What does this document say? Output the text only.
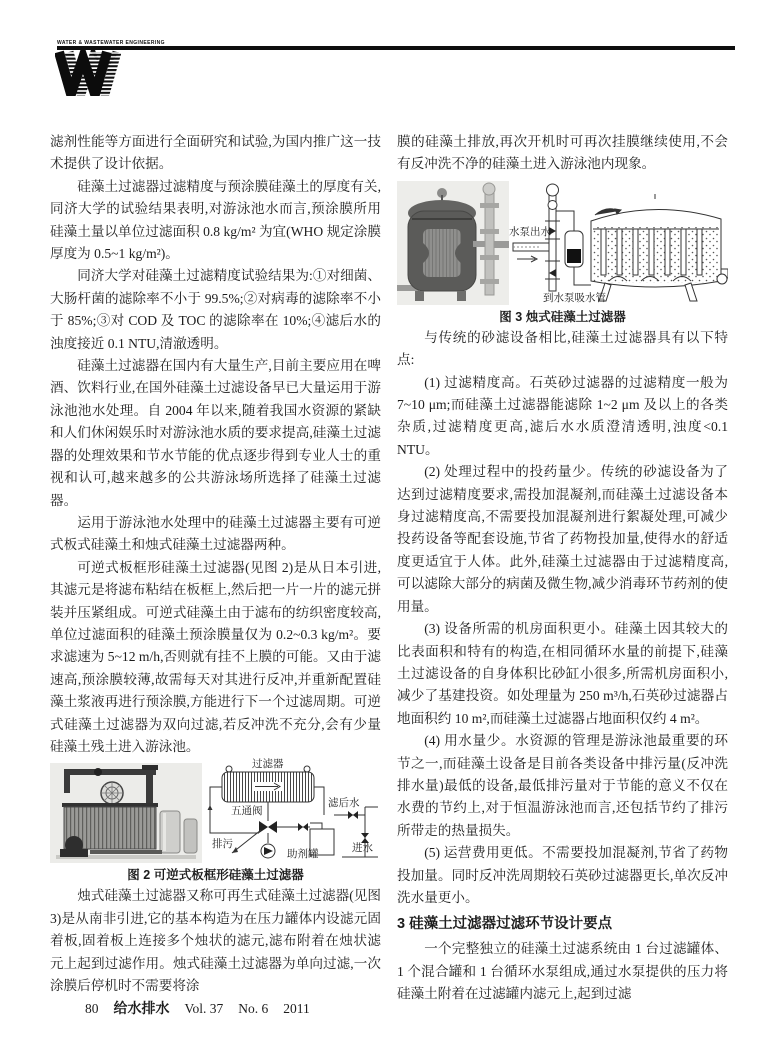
WATER & WASTEWATER ENGINEERING

滤剂性能等方面进行全面研究和试验,为国内推广这一技术提供了设计依据。

硅藻土过滤器过滤精度与预涂膜硅藻土的厚度有关,同济大学的试验结果表明,对游泳池水而言,预涂膜所用硅藻土量以单位过滤面积 0.8 kg/m² 为宜(WHO 规定涂膜厚度为 0.5~1 kg/m²)。

同济大学对硅藻土过滤精度试验结果为:①对细菌、大肠杆菌的滤除率不小于 99.5%;②对病毒的滤除率不小于 85%;③对 COD 及 TOC 的滤除率在 10%;④滤后水的浊度接近 0.1 NTU,清澈透明。

硅藻土过滤器在国内有大量生产,目前主要应用在啤酒、饮料行业,在国外硅藻土过滤设备早已大量运用于游泳池池水处理。自 2004 年以来,随着我国水资源的紧缺和人们休闲娱乐时对游泳池水质的要求提高,硅藻土过滤器的处理效果和节水节能的优点逐步得到专业人士的重视和认可,越来越多的公共游泳场所选择了硅藻土过滤器。

运用于游泳池水处理中的硅藻土过滤器主要有可逆式板式硅藻土和烛式硅藻土过滤器两种。

可逆式板框形硅藻土过滤器(见图 2)是从日本引进,其滤元是将滤布粘结在板框上,然后把一片一片的滤元拼装并压紧组成。可逆式硅藻土由于滤布的纺织密度较高,单位过滤面积的硅藻土预涂膜量仅为 0.2~0.3 kg/m²。要求滤速为 5~12 m/h,否则就有挂不上膜的可能。又由于滤速高,预涂膜较薄,故需每天对其进行反冲,并重新配置硅藻土浆液再进行预涂膜,方能进行下一个过滤周期。可逆式硅藻土过滤器为双向过滤,若反冲洗不充分,会有少量硅藻土残土进入游泳池。

过滤器
五通阀
滤后水
排污
助剂罐	进水
图 2 可逆式板框形硅藻土过滤器

烛式硅藻土过滤器又称可再生式硅藻土过滤器(见图 3)是从南非引进,它的基本构造为在压力罐体内设滤元固着板,固着板上连接多个烛状的滤元,滤布附着在烛状滤元上起到过滤作用。烛式硅藻土过滤器为单向过滤,一次涂膜后停机时不需要将涂

膜的硅藻土排放,再次开机时可再次挂膜继续使用,不会有反冲洗不净的硅藻土进入游泳池内现象。

水泵出水
到水泵吸水管
图 3 烛式硅藻土过滤器

与传统的砂滤设备相比,硅藻土过滤器具有以下特点:

(1) 过滤精度高。石英砂过滤器的过滤精度一般为 7~10 μm;而硅藻土过滤器能滤除 1~2 μm 及以上的各类杂质,过滤精度更高,滤后水水质澄清透明,浊度<0.1 NTU。

(2) 处理过程中的投药量少。传统的砂滤设备为了达到过滤精度要求,需投加混凝剂,而硅藻土过滤设备本身过滤精度高,不需要投加混凝剂进行絮凝处理,可减少投药设备等配套设施,节省了药物投加量,使得水的舒适度更适宜于人体。此外,硅藻土过滤器由于过滤精度高,可以滤除大部分的病菌及微生物,减少消毒环节药剂的使用量。

(3) 设备所需的机房面积更小。硅藻土因其较大的比表面积和特有的构造,在相同循环水量的前提下,硅藻土过滤设备的自身体积比砂缸小很多,所需机房面积小,减少了基建投资。如处理量为 250 m³/h,石英砂过滤器占地面积约 10 m²,而硅藻土过滤器占地面积仅约 4 m²。

(4) 用水量少。水资源的管理是游泳池最重要的环节之一,而硅藻土设备是目前各类设备中排污量(反冲洗排水量)最低的设备,最低排污量对于节能的意义不仅在水费的节约上,对于恒温游泳池而言,还包括节约了排污所带走的热量损失。

(5) 运营费用更低。不需要投加混凝剂,节省了药物投加量。同时反冲洗周期较石英砂过滤器更长,单次反冲洗水量更小。

3 硅藻土过滤器过滤环节设计要点

一个完整独立的硅藻土过滤系统由 1 台过滤罐体、1 个混合罐和 1 台循环水泵组成,通过水泵提供的压力将硅藻土附着在过滤罐内滤元上,起到过滤

80 给水排水 Vol. 37 No. 6 2011
